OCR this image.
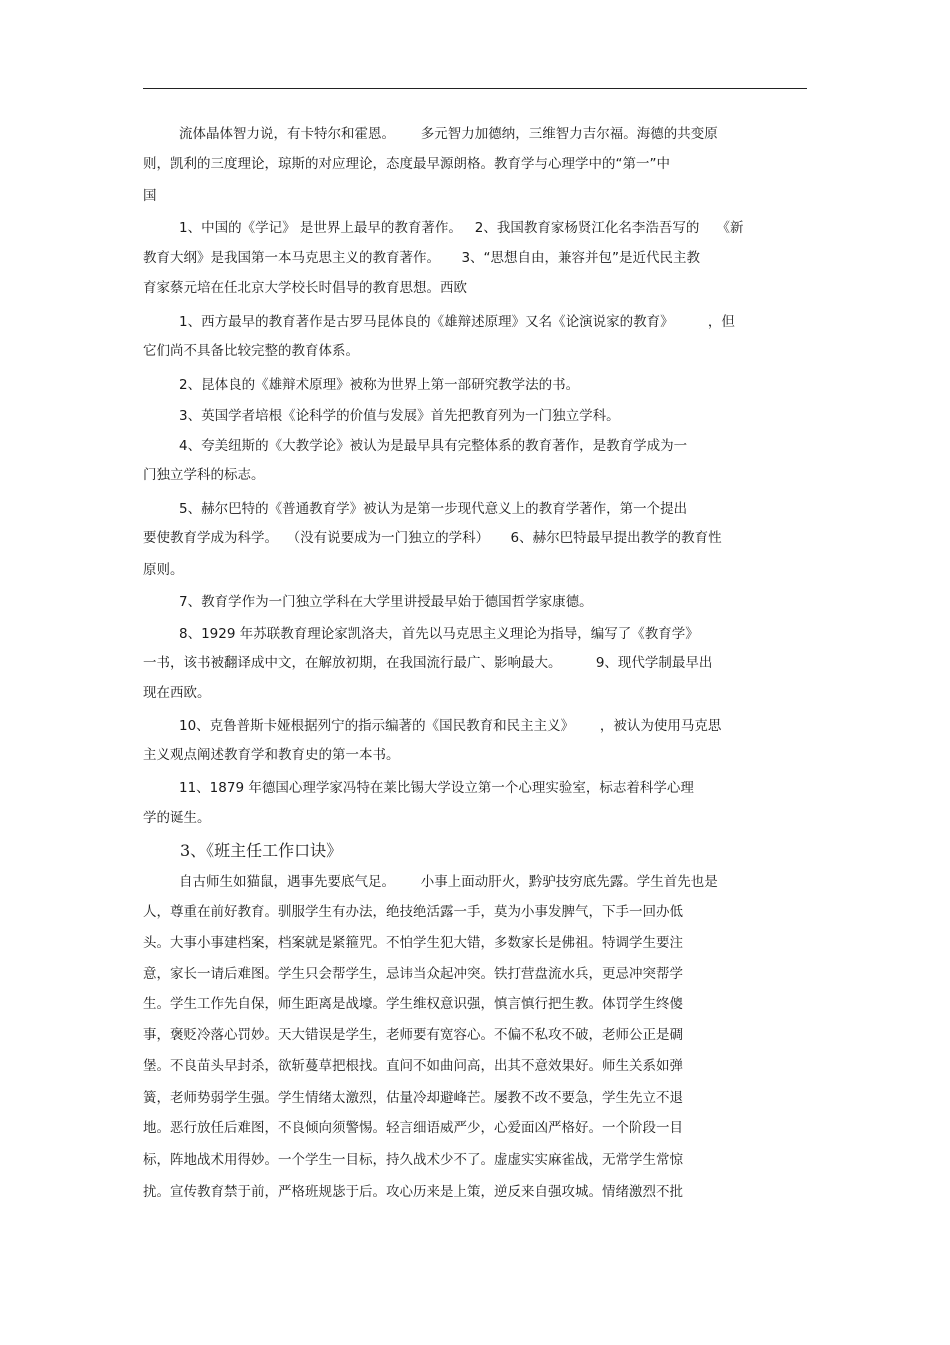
流体晶体智力说，有卡特尔和霍恩。      多元智力加德纳，三维智力吉尔福。海德的共变原
则，凯利的三度理论，琼斯的对应理论，态度最早源朗格。教育学与心理学中的“第一”中
国
1、中国的《学记》 是世界上最早的教育著作。   2、我国教育家杨贤江化名李浩吾写的    《新
教育大纲》是我国第一本马克思主义的教育著作。     3、“思想自由，兼容并包”是近代民主教
育家蔡元培在任北京大学校长时倡导的教育思想。西欧
1、西方最早的教育著作是古罗马昆体良的《雄辩述原理》又名《论演说家的教育》        ，但
它们尚不具备比较完整的教育体系。
2、昆体良的《雄辩术原理》被称为世界上第一部研究教学法的书。
3、英国学者培根《论科学的价值与发展》首先把教育列为一门独立学科。
4、夸美纽斯的《大教学论》被认为是最早具有完整体系的教育著作，是教育学成为一
门独立学科的标志。
5、赫尔巴特的《普通教育学》被认为是第一步现代意义上的教育学著作，第一个提出
要使教育学成为科学。  （没有说要成为一门独立的学科）     6、赫尔巴特最早提出教学的教育性
原则。
7、教育学作为一门独立学科在大学里讲授最早始于德国哲学家康德。
8、1929 年苏联教育理论家凯洛夫，首先以马克思主义理论为指导，编写了《教育学》
一书，该书被翻译成中文，在解放初期，在我国流行最广、影响最大。        9、现代学制最早出
现在西欧。
10、克鲁普斯卡娅根据列宁的指示编著的《国民教育和民主主义》      ，被认为使用马克思
主义观点阐述教育学和教育史的第一本书。
11、1879 年德国心理学家冯特在莱比锡大学设立第一个心理实验室，标志着科学心理
学的诞生。
3、《班主任工作口诀》
自古师生如猫鼠，遇事先要底气足。      小事上面动肝火，黔驴技穷底先露。学生首先也是
人，尊重在前好教育。驯服学生有办法，绝技绝活露一手，莫为小事发脾气，下手一回办低
头。大事小事建档案，档案就是紧箍咒。不怕学生犯大错，多数家长是佛祖。特调学生要注
意，家长一请后难图。学生只会帮学生，忌讳当众起冲突。铁打营盘流水兵，更忌冲突帮学
生。学生工作先自保，师生距离是战壕。学生维权意识强，慎言慎行把生教。体罚学生终傻
事，褒贬冷落心罚妙。天大错误是学生，老师要有宽容心。不偏不私攻不破，老师公正是碉
堡。不良苗头早封杀，欲斩蔓草把根找。直问不如曲问高，出其不意效果好。师生关系如弹
簧，老师势弱学生强。学生情绪太激烈，估量冷却避峰芒。屡教不改不要急，学生先立不退
地。恶行放任后难图，不良倾向须警惕。轻言细语威严少，心爱面凶严格好。一个阶段一目
标，阵地战术用得妙。一个学生一目标，持久战术少不了。虚虚实实麻雀战，无常学生常惊
扰。宣传教育禁于前，严格班规毖于后。攻心历来是上策，逆反来自强攻城。情绪激烈不批
